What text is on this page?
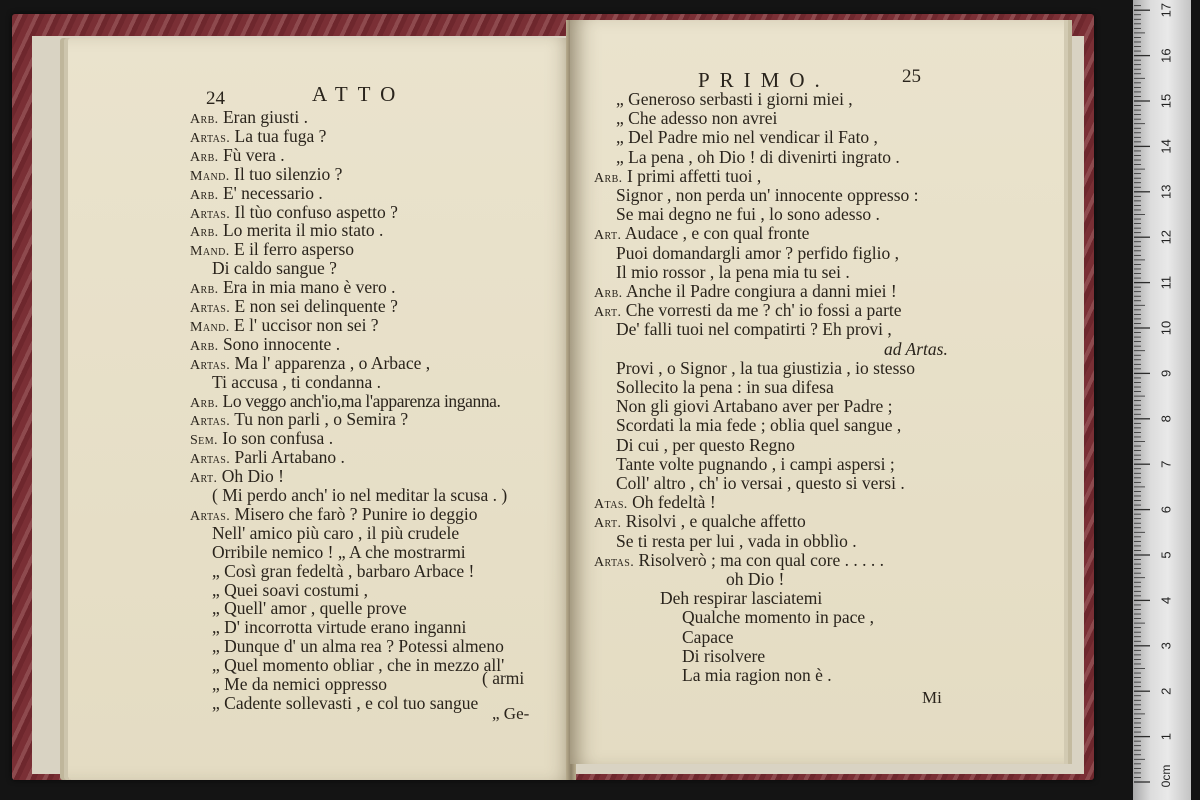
24	ATTO
Arb. Eran giusti .
Artas. La tua fuga ?
Arb. Fù vera .
Mand. Il tuo silenzio ?
Arb. E' necessario .
Artas. Il tùo confuso aspetto ?
Arb. Lo merita il mio stato .
Mand. E il ferro asperso
Di caldo sangue ?
Arb. Era in mia mano è vero .
Artas. E non sei delinquente ?
Mand. E l' uccisor non sei ?
Arb. Sono innocente .
Artas. Ma l' apparenza , o Arbace ,
Ti accusa , ti condanna .
Arb. Lo veggo anch'io,ma l'apparenza inganna.
Artas. Tu non parli , o Semira ?
Sem. Io son confusa .
Artas. Parli Artabano .
Art. Oh Dio !
( Mi perdo anch' io nel meditar la scusa . )
Artas. Misero che farò ? Punire io deggio
Nell' amico più caro , il più crudele
Orribile nemico ! „ A che mostrarmi
„ Così gran fedeltà , barbaro Arbace !
„ Quei soavi costumi ,
„ Quell' amor , quelle prove
„ D' incorrotta virtude erano inganni
„ Dunque d' un alma rea ? Potessi almeno
„ Quel momento obliar , che in mezzo all'
„ Me da nemici oppresso	( armi
„ Cadente sollevasti , e col tuo sangue
„ Ge-
PRIMO.	25
„ Generoso serbasti i giorni miei ,
„ Che adesso non avrei
„ Del Padre mio nel vendicar il Fato ,
„ La pena , oh Dio ! di divenirti ingrato .
Arb. I primi affetti tuoi ,
Signor , non perda un' innocente oppresso :
Se mai degno ne fui , lo sono adesso .
Art. Audace , e con qual fronte
Puoi domandargli amor ? perfido figlio ,
Il mio rossor , la pena mia tu sei .
Arb. Anche il Padre congiura a danni miei !
Art. Che vorresti da me ? ch' io fossi a parte
De' falli tuoi nel compatirti ? Eh provi ,
ad Artas.
Provi , o Signor , la tua giustizia , io stesso
Sollecito la pena : in sua difesa
Non gli giovi Artabano aver per Padre ;
Scordati la mia fede ; oblia quel sangue ,
Di cui , per questo Regno
Tante volte pugnando , i campi aspersi ;
Coll' altro , ch' io versai , questo si versi .
Atas. Oh fedeltà !
Art. Risolvi , e qualche affetto
Se ti resta per lui , vada in obblìo .
Artas. Risolverò ; ma con qual core . . . . .
oh Dio !
Deh respirar lasciatemi
Qualche momento in pace ,
Capace
Di risolvere
La mia ragion non è .
Mi
1
2
3
4
5
6
7
8
9
10
11
12
13
14
15
16
17
0cm
